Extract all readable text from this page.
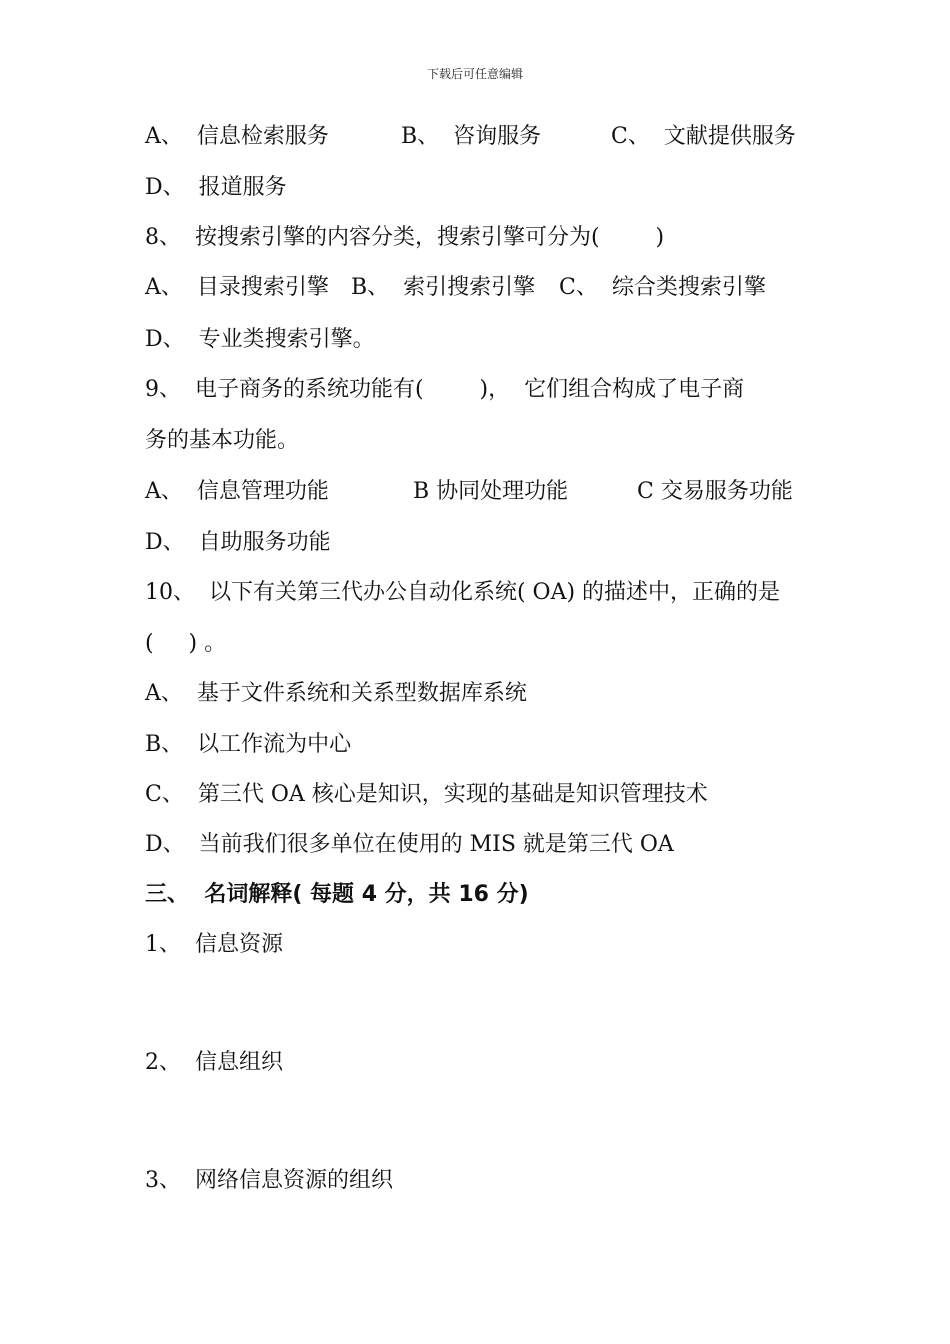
下载后可任意编辑

A、  信息检索服务

	B、  咨询服务

	C、  文献提供服务

D、  报道服务
8、  按搜索引擎的内容分类，搜索引擎可分为(        )

A、  目录搜索引擎

B、  索引搜索引擎

C、  综合类搜索引擎

D、  专业类搜索引擎。
9、  电子商务的系统功能有(        )，  它们组合构成了电子商
务的基本功能。

A、  信息管理功能

	B 协同处理功能

	C 交易服务功能

D、  自助服务功能
10、  以下有关第三代办公自动化系统( OA) 的描述中，正确的是
(     ) 。
A、  基于文件系统和关系型数据库系统
B、  以工作流为中心
C、  第三代 OA 核心是知识，实现的基础是知识管理技术
D、  当前我们很多单位在使用的 MIS 就是第三代 OA
三、  名词解释( 每题 4 分，共 16 分)
1、  信息资源
2、  信息组织
3、  网络信息资源的组织
